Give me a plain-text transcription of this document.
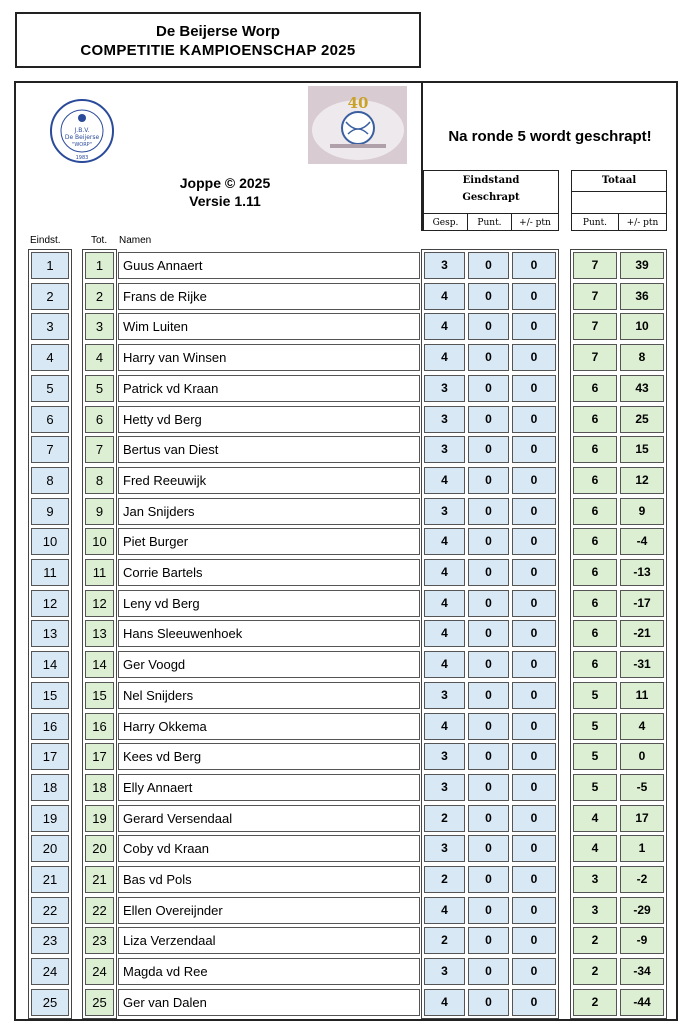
De Beijerse Worp
COMPETITIE KAMPIOENSCHAP 2025
J.B.V.
De Beijerse
"WORP"
1983
40
Na ronde 5 wordt geschrapt!
Joppe © 2025
Versie 1.11
Eindstand
Geschrapt
Gesp.	Punt.	+/- ptn
Totaal
Punt.	+/- ptn
Eindst.	Tot. Namen
1	1	Guus Annaert	3	0	0	7	39
2	2	Frans de Rijke	4	0	0	7	36
3	3	Wim Luiten	4	0	0	7	10
4	4	Harry van Winsen	4	0	0	7	8
5	5	Patrick vd Kraan	3	0	0	6	43
6	6	Hetty vd Berg	3	0	0	6	25
7	7	Bertus van Diest	3	0	0	6	15
8	8	Fred Reeuwijk	4	0	0	6	12
9	9	Jan Snijders	3	0	0	6	9
10	10	Piet Burger	4	0	0	6	-4
11	11	Corrie Bartels	4	0	0	6	-13
12	12	Leny vd Berg	4	0	0	6	-17
13	13	Hans Sleeuwenhoek	4	0	0	6	-21
14	14	Ger Voogd	4	0	0	6	-31
15	15	Nel Snijders	3	0	0	5	11
16	16	Harry Okkema	4	0	0	5	4
17	17	Kees vd Berg	3	0	0	5	0
18	18	Elly Annaert	3	0	0	5	-5
19	19	Gerard Versendaal	2	0	0	4	17
20	20	Coby vd Kraan	3	0	0	4	1
21	21	Bas vd Pols	2	0	0	3	-2
22	22	Ellen Overeijnder	4	0	0	3	-29
23	23	Liza Verzendaal	2	0	0	2	-9
24	24	Magda vd Ree	3	0	0	2	-34
25	25	Ger van Dalen	4	0	0	2	-44
